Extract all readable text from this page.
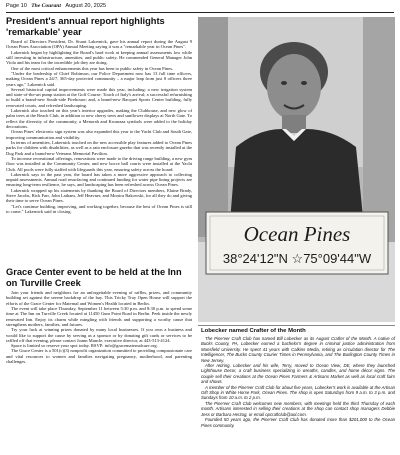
Page 10 The Courant August 20, 2025
President's annual report highlights 'remarkable' year

Board of Directors President, Dr. Stuart Lakernick, gave his annual report during the August 9 Ocean Pines Association (OPA) Annual Meeting saying it was a "remarkable year in Ocean Pines".

Lakernick began by highlighting the Board's hard work at keeping annual assessments low while still investing in infrastructure, amenities, and public safety. He commended General Manager John Viola and his team for the incredible job they are doing.

One of the most critical enhancements this year has been to public safety in Ocean Pines.

"Under the leadership of Chief Robinson, our Police Department now has 13 full time officers, making Ocean Pines a 24/7, 365-day protected community – a major leap from just 8 officers three years ago," Lakernick said.

Several historical capital improvements were made this year, including: a new irrigation system and state-of-the-art pump station at the Golf Course; Touch of Italy's arrival; a successful refurnishing to build a brand-new South-side Firehouse; and, a brand-new Racquet Sports Center building, fully renovated courts, and refreshed landscaping.

Lakernick also touched on this year's interior upgrades, making the Clubhouse, and new glow of palm trees at the Beach Club, in addition to new cherry trees and sunflower displays at North Gate. To reflect the diversity of the community, a Menorah and Kwanzaa symbols were added to the holiday decorations.

Ocean Pines' electronic sign system was also expanded this year to the Yacht Club and South Gate, improving communication and visibility.

In terms of amenities, Lakernick touched on the new accessible play features added to Ocean Pines parks for children with disabilities, as well as a rain enclosure gazebo that was recently installed at the Dog Park and a brand-new Veterans Memorial Pavilion.

To increase recreational offerings, renovations were made to the driving range building, a new gym floor was installed at the Community Center, and new bocce ball courts were installed at the Yacht Club. All pools were fully staffed with lifeguards this year, ensuring safety across the board.

Lakernick says in the past year, the board has taken a more aggressive approach to collecting unpaid assessments. Annual road resurfacing and continued funding for water pipe lining projects are ensuring long-term resilience, he says, and landscaping has been refreshed across Ocean Pines.

Lakernick wrapped up his statements by thanking the Board of Directors members, Elaine Brady, Steve Jacobs, Rick Farr, John Latham, Jeff Heavner, and Monica Rakowski, for all they do and giving their time to serve Ocean Pines.

"Let's continue building, improving, and working together, because the best of Ocean Pines is still to come," Lakernick said in closing.

Grace Center event to be held at the Inn on Turville Creek

Join your friends and neighbors for an unforgettable evening of raffles, prizes, and community building set against the serene backdrop of the bay. This Tricky Tray Open House will support the efforts of the Grace Center for Maternal and Women's Health located in Berlin.

The event will take place Thursday, September 11 between 5:30 p.m. and 8:30 p.m. to spend some time at The Inn on Turville Creek located at 11450 Gum Point Road in Berlin. Peek inside the newly renovated Inn. Enjoy its charm while mingling with friends and supporting a worthy cause that strengthens mothers, families, and futures.

Try your luck at winning prizes donated by many local businesses. If you own a business and would like to support the cause by serving as a sponsor or by donating gift cards or services to be raffled off that evening, please contact Joann Mancle, executive director, at 443-513-4124.

Space is limited so reserve your spot today. RSVP: info@gracematernalcare.org.

The Grace Center is a 501(c)(3) nonprofit organization committed to providing compassionate care and vital resources to women and families navigating pregnancy, motherhood, and parenting challenges.

Ocean Pines
38°24'12"N ☆75°09'44"W
Lobecker named Crafter of the Month

The Pine'eer Craft Club has named Bill Lobecker as its August Crafter of the Month. A native of Bucks County, PA, Lobecker earned a bachelor's degree in criminal justice administration from Mansfield University. He spent 41 years with Calkins Media, retiring as circulation director for The Intelligencer, The Bucks County Courier Times in Pennsylvania, and The Burlington County Times in New Jersey.

After retiring, Lobecker and his wife, Terry, moved to Ocean View, DE, where they launched Lighthouse Decor, a craft business specializing in wreaths, candles, and home décor signs. The couple sell their creations at the Ocean Pines Farmers & Artisans Market as well as local craft fairs and shows.

A member of the Pine'eer Craft Club for about five years, Lobecker's work is available at the Artisan Gift Shop in White Horse Park, Ocean Pines. The shop is open Saturdays from 9 a.m. to 3 p.m. and Sundays from 10 a.m. to 2 p.m.

The Pine'eer Craft Club welcomes new members, with meetings held the third Thursday of each month. Artisans interested in selling their creations at the shop can contact shop managers Debbie Jess or Barbara Herzog, or email opcraftclub@aol.com.

Founded 50 years ago, the Pine'eer Craft Club has donated more than $201,000 to the Ocean Pines community.
